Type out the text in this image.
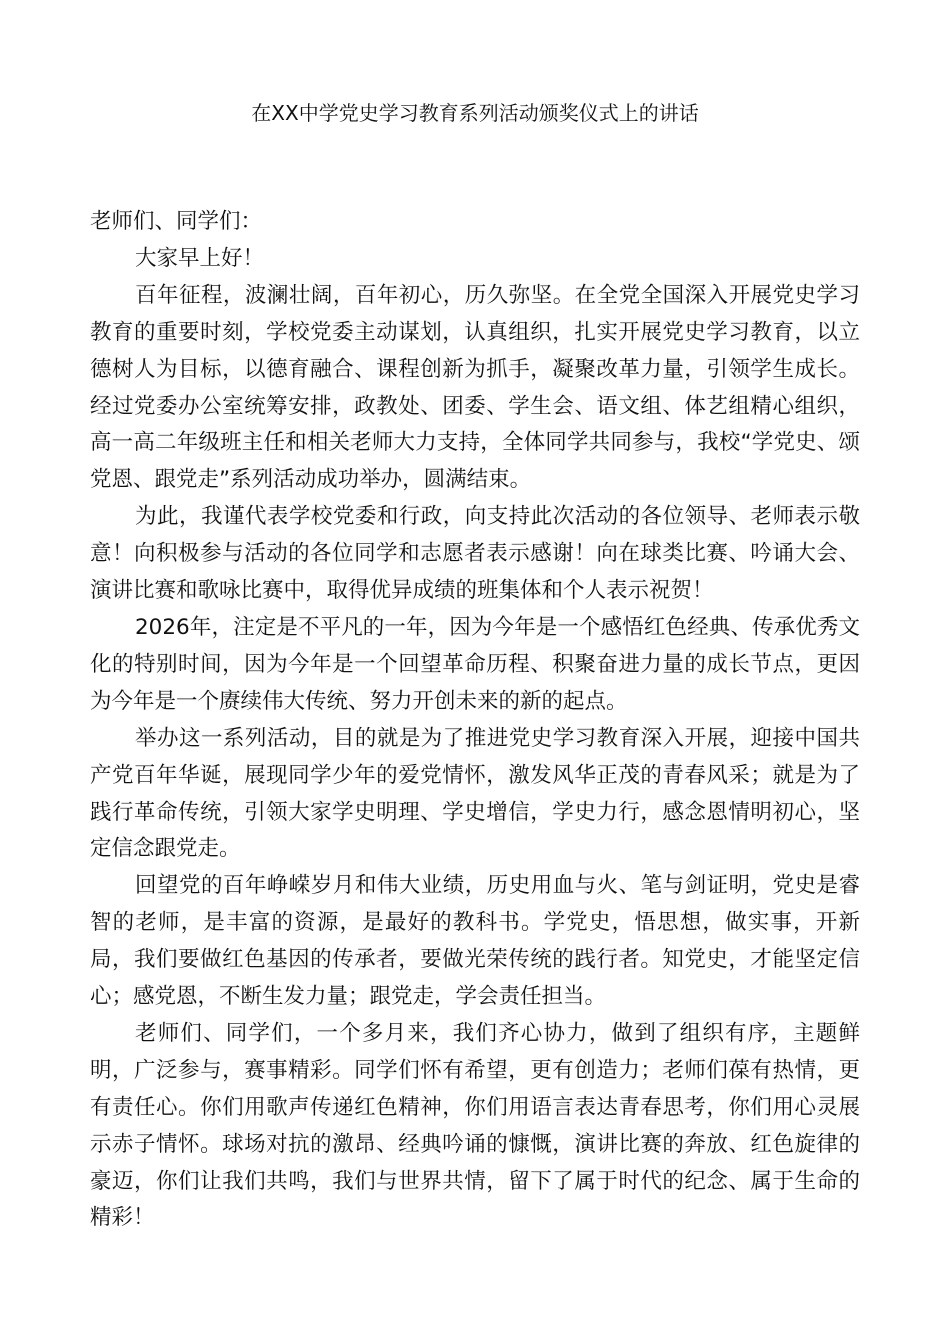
在XX中学党史学习教育系列活动颁奖仪式上的讲话

老师们、同学们：

大家早上好！

百年征程，波澜壮阔，百年初心，历久弥坚。在全党全国深入开展党史学习教育的重要时刻，学校党委主动谋划，认真组织，扎实开展党史学习教育，以立德树人为目标，以德育融合、课程创新为抓手，凝聚改革力量，引领学生成长。经过党委办公室统筹安排，政教处、团委、学生会、语文组、体艺组精心组织，高一高二年级班主任和相关老师大力支持，全体同学共同参与，我校“学党史、颂党恩、跟党走”系列活动成功举办，圆满结束。

为此，我谨代表学校党委和行政，向支持此次活动的各位领导、老师表示敬意！向积极参与活动的各位同学和志愿者表示感谢！向在球类比赛、吟诵大会、演讲比赛和歌咏比赛中，取得优异成绩的班集体和个人表示祝贺！

2026年，注定是不平凡的一年，因为今年是一个感悟红色经典、传承优秀文化的特别时间，因为今年是一个回望革命历程、积聚奋进力量的成长节点，更因为今年是一个赓续伟大传统、努力开创未来的新的起点。

举办这一系列活动，目的就是为了推进党史学习教育深入开展，迎接中国共产党百年华诞，展现同学少年的爱党情怀，激发风华正茂的青春风采；就是为了践行革命传统，引领大家学史明理、学史增信，学史力行，感念恩情明初心，坚定信念跟党走。

回望党的百年峥嵘岁月和伟大业绩，历史用血与火、笔与剑证明，党史是睿智的老师，是丰富的资源，是最好的教科书。学党史，悟思想，做实事，开新局，我们要做红色基因的传承者，要做光荣传统的践行者。知党史，才能坚定信心；感党恩，不断生发力量；跟党走，学会责任担当。

老师们、同学们，一个多月来，我们齐心协力，做到了组织有序，主题鲜明，广泛参与，赛事精彩。同学们怀有希望，更有创造力；老师们葆有热情，更有责任心。你们用歌声传递红色精神，你们用语言表达青春思考，你们用心灵展示赤子情怀。球场对抗的激昂、经典吟诵的慷慨，演讲比赛的奔放、红色旋律的豪迈，你们让我们共鸣，我们与世界共情，留下了属于时代的纪念、属于生命的精彩！
